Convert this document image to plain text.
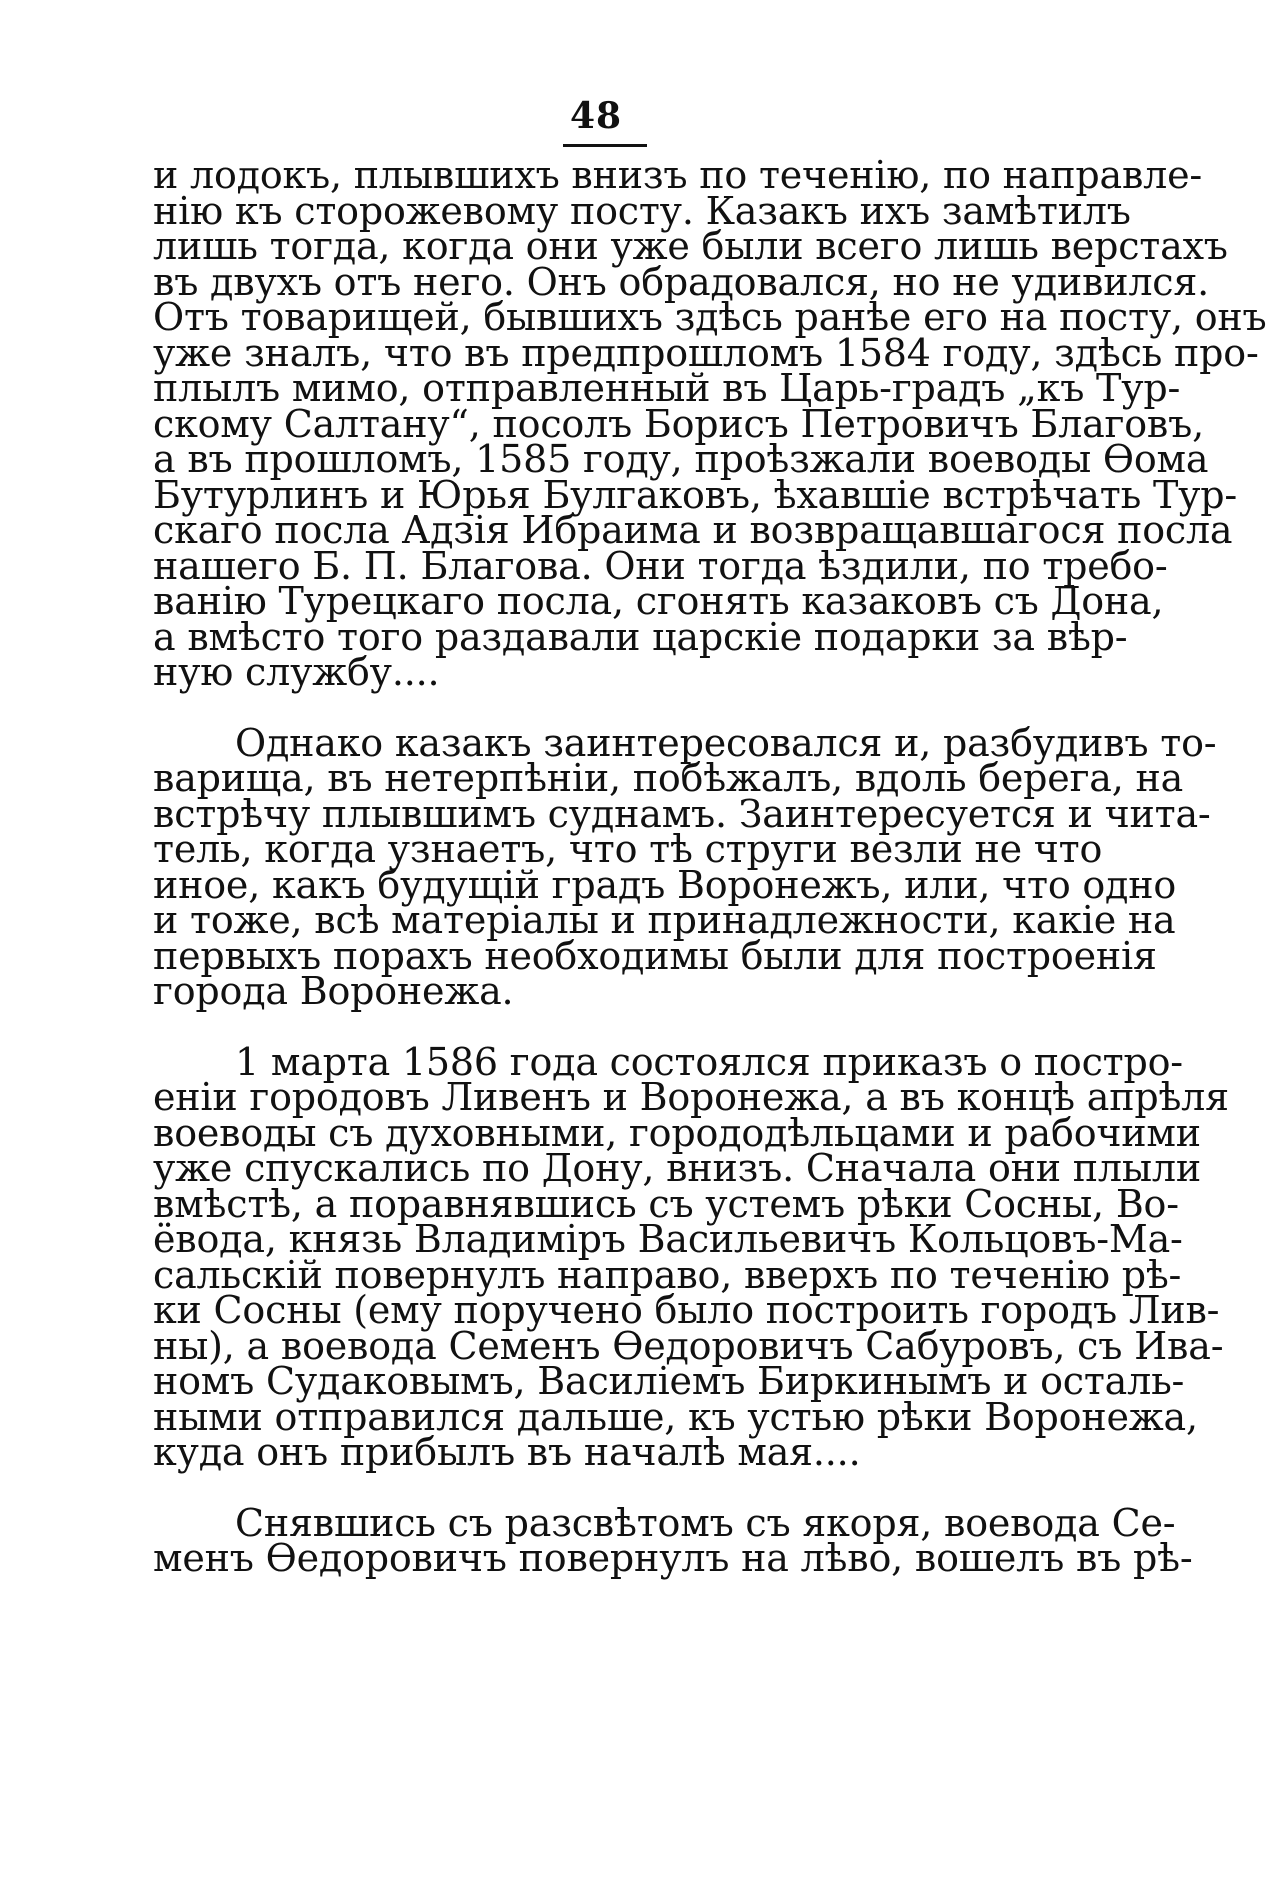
48
и лодокъ, плывшихъ внизъ по теченію, по направле-
нію къ сторожевому посту. Казакъ ихъ замѣтилъ
лишь тогда, когда они уже были всего лишь верстахъ
въ двухъ отъ него. Онъ обрадовался, но не удивился.
Отъ товарищей, бывшихъ здѣсь ранѣе его на посту, онъ
уже зналъ, что въ предпрошломъ 1584 году, здѣсь про-
плылъ мимо, отправленный въ Царь-градъ „къ Тур-
скому Салтану“, посолъ Борисъ Петровичъ Благовъ,
а въ прошломъ, 1585 году, проѣзжали воеводы Ѳома
Бутурлинъ и Юрья Булгаковъ, ѣхавшіе встрѣчать Тур-
скаго посла Адзія Ибраима и возвращавшагося посла
нашего Б. П. Благова. Они тогда ѣздили, по требо-
ванію Турецкаго посла, сгонять казаковъ съ Дона,
а вмѣсто того раздавали царскіе подарки за вѣр-
ную службу....
Однако казакъ заинтересовался и, разбудивъ то-
варища, въ нетерпѣніи, побѣжалъ, вдоль берега, на
встрѣчу плывшимъ суднамъ. Заинтересуется и чита-
тель, когда узнаетъ, что тѣ струги везли не что
иное, какъ будущій градъ Воронежъ, или, что одно
и тоже, всѣ матеріалы и принадлежности, какіе на
первыхъ порахъ необходимы были для построенія
города Воронежа.
1 марта 1586 года состоялся приказъ о постро-
еніи городовъ Ливенъ и Воронежа, а въ концѣ апрѣля
воеводы съ духовными, горододѣльцами и рабочими
уже спускались по Дону, внизъ. Сначала они плыли
вмѣстѣ, а поравнявшись съ устемъ рѣки Сосны, Во-
ёвода, князь Владиміръ Васильевичъ Кольцовъ-Ма-
сальскій повернулъ направо, вверхъ по теченію рѣ-
ки Сосны (ему поручено было построить городъ Лив-
ны), а воевода Семенъ Ѳедоровичъ Сабуровъ, съ Ива-
номъ Судаковымъ, Василіемъ Биркинымъ и осталь-
ными отправился дальше, къ устью рѣки Воронежа,
куда онъ прибылъ въ началѣ мая....
Снявшись съ разсвѣтомъ съ якоря, воевода Се-
менъ Ѳедоровичъ повернулъ на лѣво, вошелъ въ рѣ-
